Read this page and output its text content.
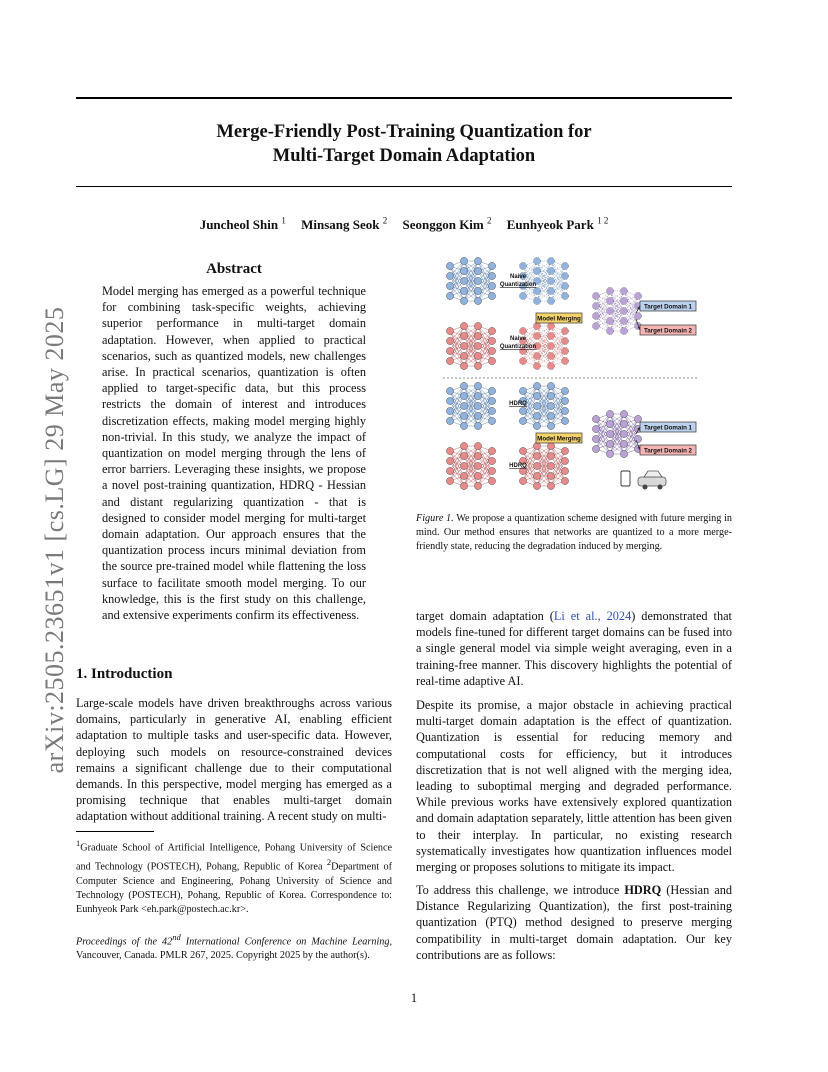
arXiv:2505.23651v1 [cs.LG] 29 May 2025
Merge-Friendly Post-Training Quantization for
Multi-Target Domain Adaptation
Juncheol Shin $^1$ Minsang Seok $^2$ Seonggon Kim $^2$ Eunhyeok Park $^{1 2}$
Abstract
Model merging has emerged as a powerful technique for combining task-specific weights, achieving superior performance in multi-target domain adaptation. However, when applied to practical scenarios, such as quantized models, new challenges arise. In practical scenarios, quantization is often applied to target-specific data, but this process restricts the domain of interest and introduces discretization effects, making model merging highly non-trivial. In this study, we analyze the impact of quantization on model merging through the lens of error barriers. Leveraging these insights, we propose a novel post-training quantization, HDRQ - Hessian and distant regularizing quantization - that is designed to consider model merging for multi-target domain adaptation. Our approach ensures that the quantization process incurs minimal deviation from the source pre-trained model while flattening the loss surface to facilitate smooth model merging. To our knowledge, this is the first study on this challenge, and extensive experiments confirm its effectiveness.
1. Introduction
Large-scale models have driven breakthroughs across various domains, particularly in generative AI, enabling efficient adaptation to multiple tasks and user-specific data. However, deploying such models on resource-constrained devices remains a significant challenge due to their computational demands. In this perspective, model merging has emerged as a promising technique that enables multi-target domain adaptation without additional training. A recent study on multi-
$^1$Graduate School of Artificial Intelligence, Pohang University of Science and Technology (POSTECH), Pohang, Republic of Korea $^2$Department of Computer Science and Engineering, Pohang University of Science and Technology (POSTECH), Pohang, Republic of Korea. Correspondence to: Eunhyeok Park <eh.park@postech.ac.kr>.
Proceedings of the 42nd International Conference on Machine Learning, Vancouver, Canada. PMLR 267, 2025. Copyright 2025 by the author(s).
Naive
Quantization
Naive
Quantization
Model Merging
Target Domain 1
Target Domain 2
HDRQ
HDRQ
Model Merging
Target Domain 1
Target Domain 2
Figure 1. We propose a quantization scheme designed with future merging in mind. Our method ensures that networks are quantized to a more merge-friendly state, reducing the degradation induced by merging.
target domain adaptation (Li et al., 2024) demonstrated that models fine-tuned for different target domains can be fused into a single general model via simple weight averaging, even in a training-free manner. This discovery highlights the potential of real-time adaptive AI.
Despite its promise, a major obstacle in achieving practical multi-target domain adaptation is the effect of quantization. Quantization is essential for reducing memory and computational costs for efficiency, but it introduces discretization that is not well aligned with the merging idea, leading to suboptimal merging and degraded performance. While previous works have extensively explored quantization and domain adaptation separately, little attention has been given to their interplay. In particular, no existing research systematically investigates how quantization influences model merging or proposes solutions to mitigate its impact.
To address this challenge, we introduce HDRQ (Hessian and Distance Regularizing Quantization), the first post-training quantization (PTQ) method designed to preserve merging compatibility in multi-target domain adaptation. Our key contributions are as follows:
1
